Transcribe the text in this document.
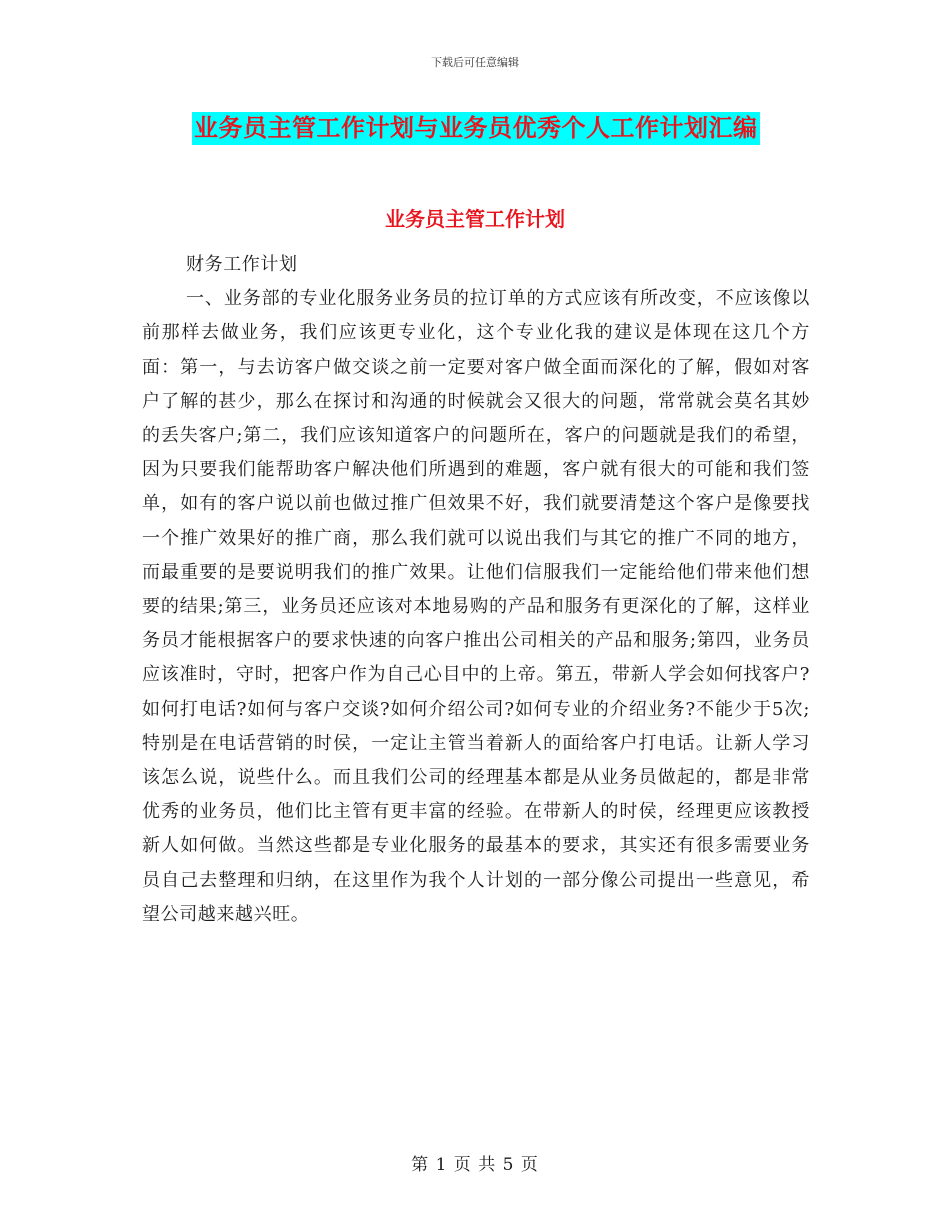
下载后可任意编辑
业务员主管工作计划与业务员优秀个人工作计划汇编
业务员主管工作计划

财务工作计划

一、业务部的专业化服务业务员的拉订单的方式应该有所改变，不应该像以前那样去做业务，我们应该更专业化，这个专业化我的建议是体现在这几个方面：第一，与去访客户做交谈之前一定要对客户做全面而深化的了解，假如对客户了解的甚少，那么在探讨和沟通的时候就会又很大的问题，常常就会莫名其妙的丢失客户;第二，我们应该知道客户的问题所在，客户的问题就是我们的希望，因为只要我们能帮助客户解决他们所遇到的难题，客户就有很大的可能和我们签单，如有的客户说以前也做过推广但效果不好，我们就要清楚这个客户是像要找一个推广效果好的推广商，那么我们就可以说出我们与其它的推广不同的地方，而最重要的是要说明我们的推广效果。让他们信服我们一定能给他们带来他们想要的结果;第三，业务员还应该对本地易购的产品和服务有更深化的了解，这样业务员才能根据客户的要求快速的向客户推出公司相关的产品和服务;第四，业务员应该准时，守时，把客户作为自己心目中的上帝。第五，带新人学会如何找客户?如何打电话?如何与客户交谈?如何介绍公司?如何专业的介绍业务?不能少于5次;特别是在电话营销的时侯，一定让主管当着新人的面给客户打电话。让新人学习该怎么说，说些什么。而且我们公司的经理基本都是从业务员做起的，都是非常优秀的业务员，他们比主管有更丰富的经验。在带新人的时侯，经理更应该教授新人如何做。当然这些都是专业化服务的最基本的要求，其实还有很多需要业务员自己去整理和归纳，在这里作为我个人计划的一部分像公司提出一些意见，希望公司越来越兴旺。

第 1 页 共 5 页
